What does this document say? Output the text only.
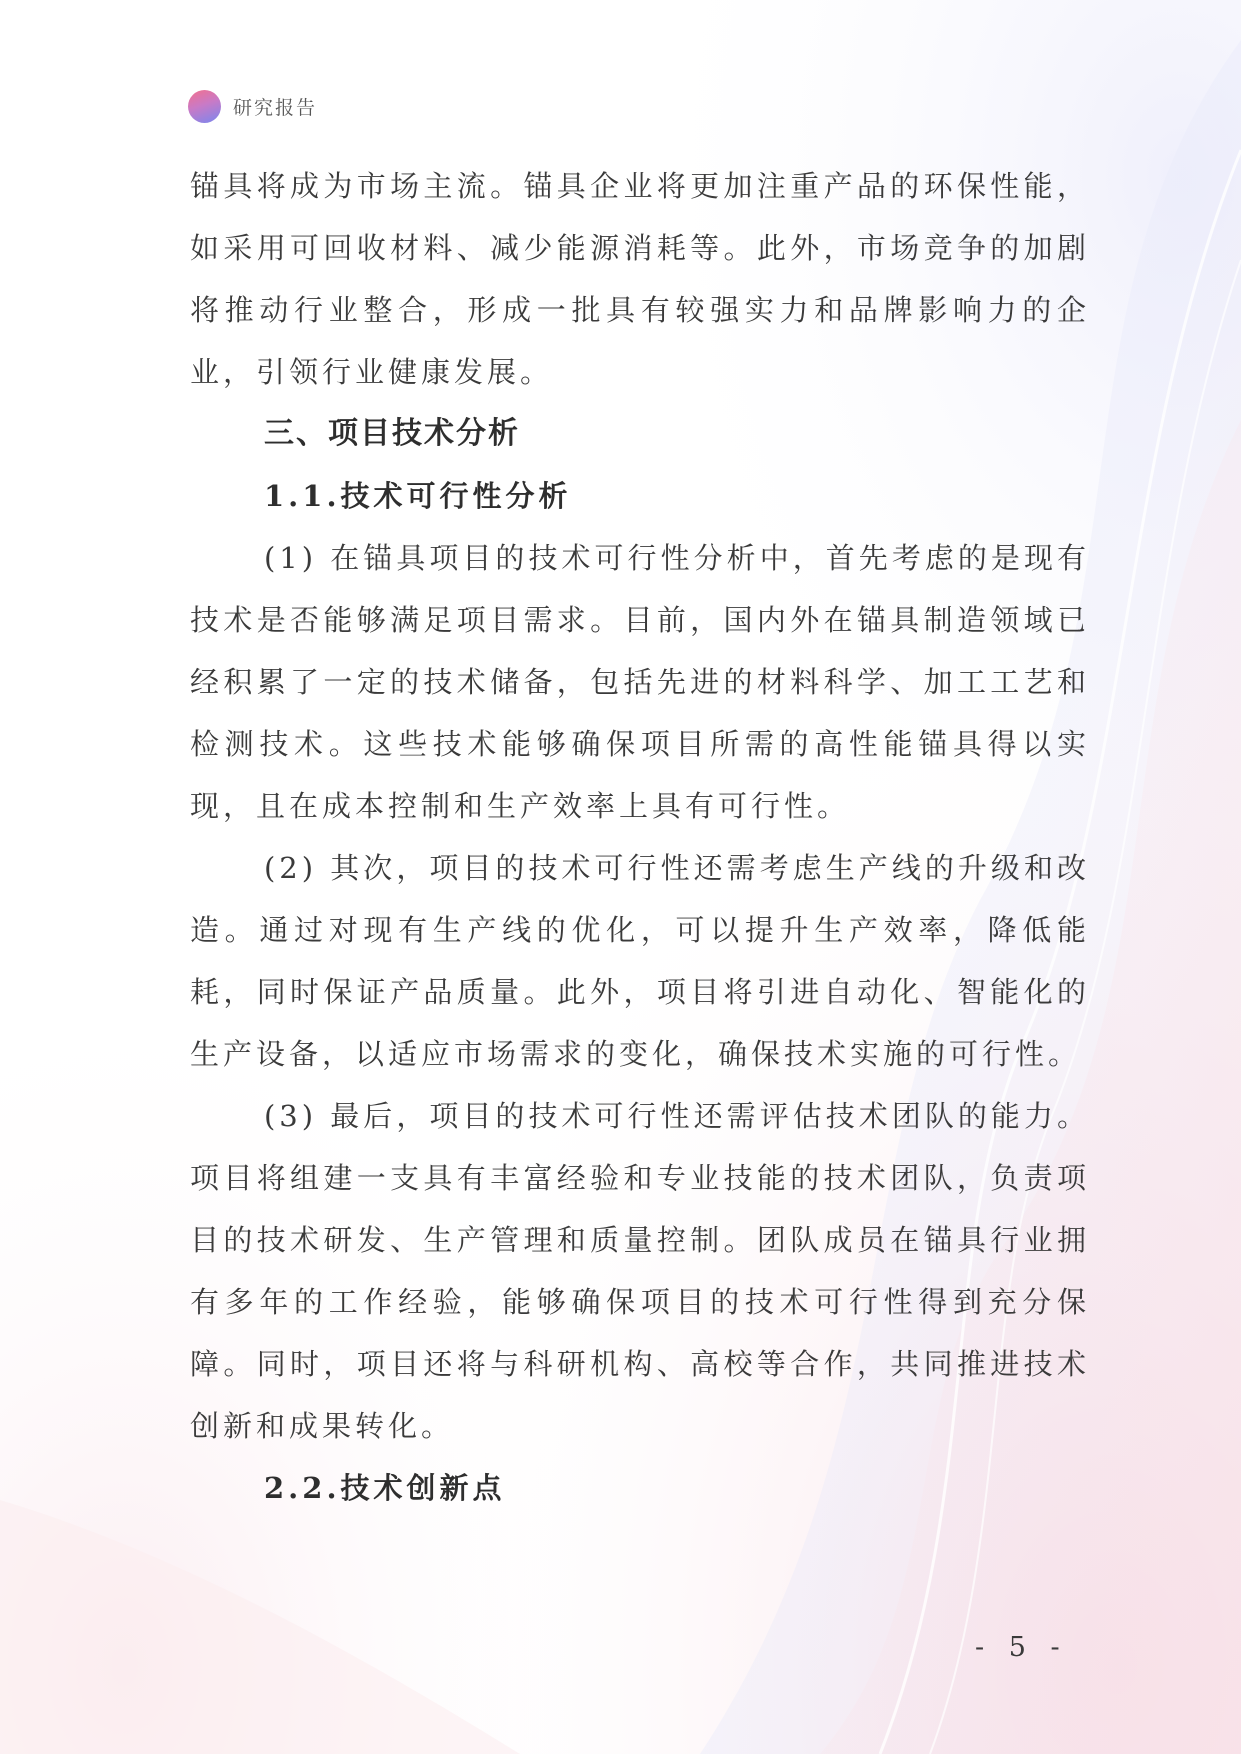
研究报告

锚具将成为市场主流。锚具企业将更加注重产品的环保性能，如采用可回收材料、减少能源消耗等。此外，市场竞争的加剧将推动行业整合，形成一批具有较强实力和品牌影响力的企业，引领行业健康发展。

三、项目技术分析
1.1.技术可行性分析

(1) 在锚具项目的技术可行性分析中，首先考虑的是现有技术是否能够满足项目需求。目前，国内外在锚具制造领域已经积累了一定的技术储备，包括先进的材料科学、加工工艺和检测技术。这些技术能够确保项目所需的高性能锚具得以实现，且在成本控制和生产效率上具有可行性。

(2) 其次，项目的技术可行性还需考虑生产线的升级和改造。通过对现有生产线的优化，可以提升生产效率，降低能耗，同时保证产品质量。此外，项目将引进自动化、智能化的生产设备，以适应市场需求的变化，确保技术实施的可行性。

(3) 最后，项目的技术可行性还需评估技术团队的能力。项目将组建一支具有丰富经验和专业技能的技术团队，负责项目的技术研发、生产管理和质量控制。团队成员在锚具行业拥有多年的工作经验，能够确保项目的技术可行性得到充分保障。同时，项目还将与科研机构、高校等合作，共同推进技术创新和成果转化。

2.2.技术创新点
- 5 -
